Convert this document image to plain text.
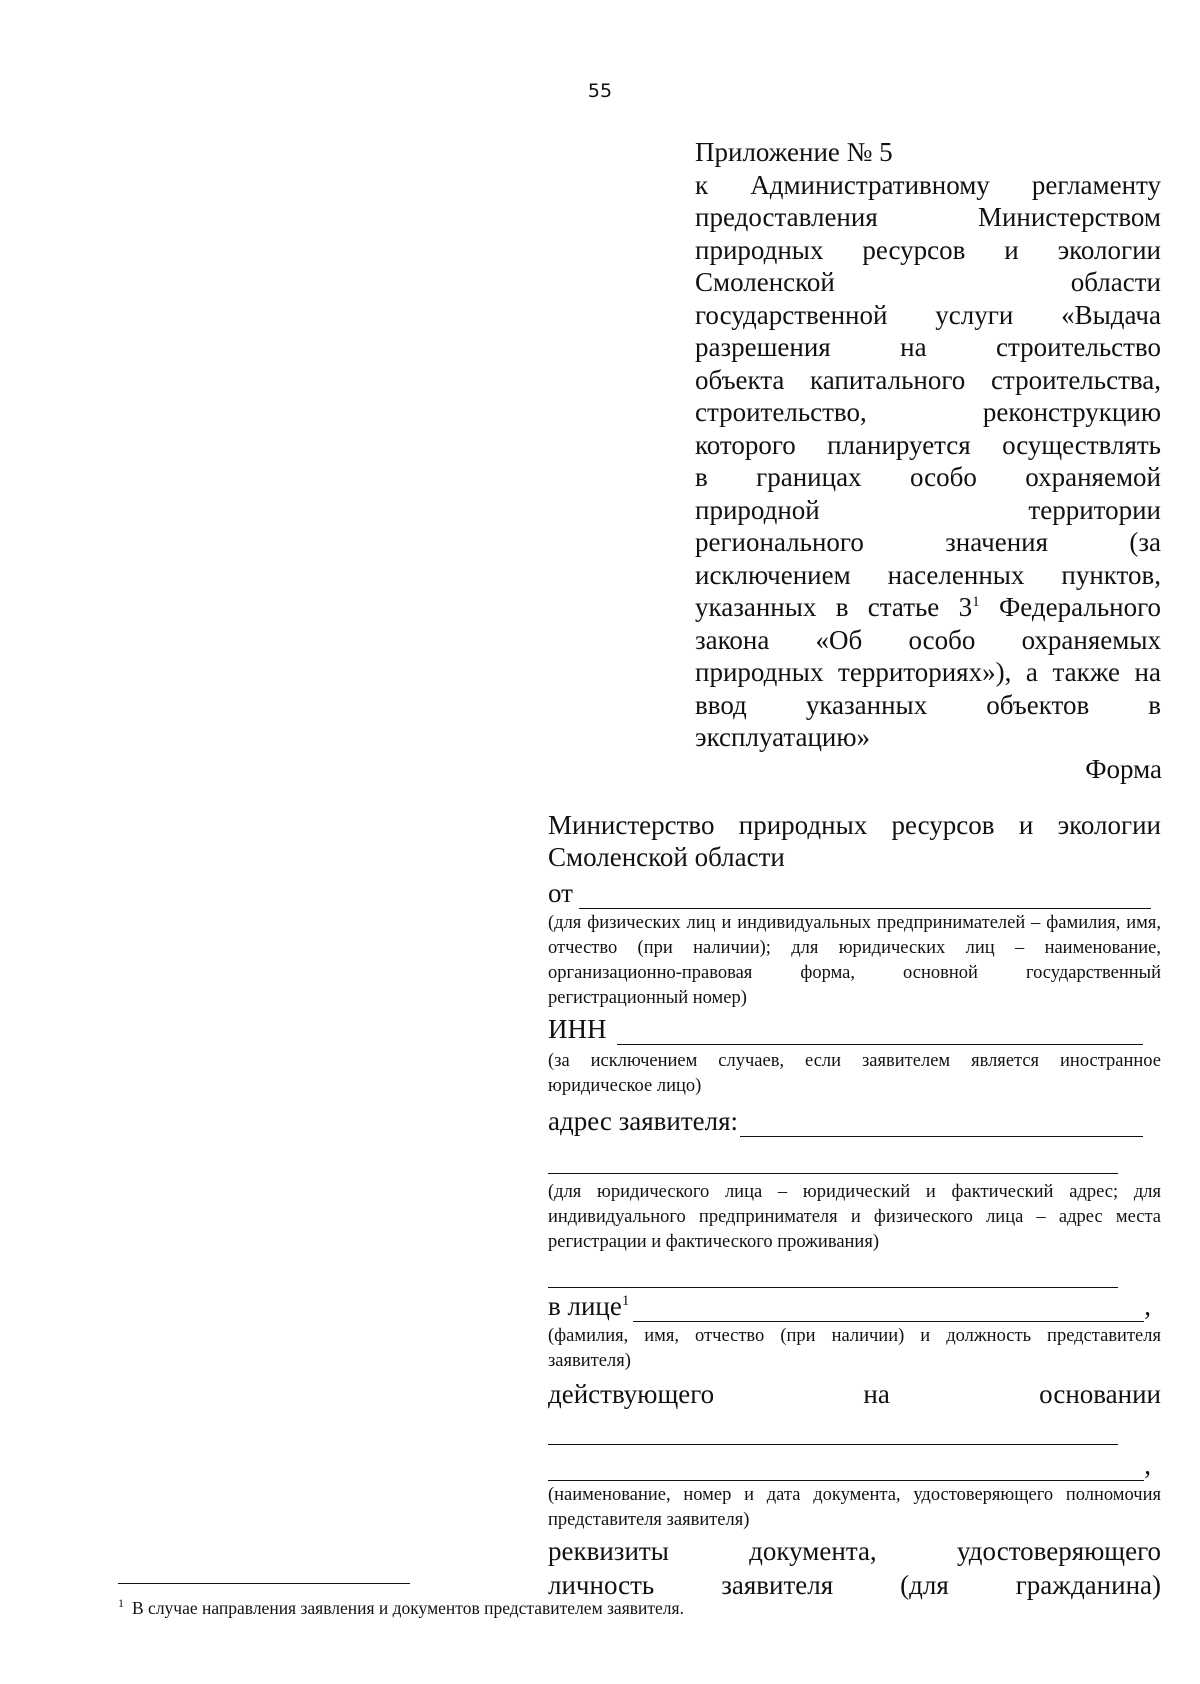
55
Приложение № 5
к Административному регламенту
предоставления Министерством
природных ресурсов и экологии
Смоленской области
государственной услуги «Выдача
разрешения на строительство
объекта капитального строительства,
строительство, реконструкцию
которого планируется осуществлять
в границах особо охраняемой
природной территории
регионального значения (за
исключением населенных пунктов,
указанных в статье $3^1$ Федерального
закона «Об особо охраняемых
природных территориях»), а также на
ввод указанных объектов в
эксплуатацию»
Форма
Министерство природных ресурсов и экологии
Смоленской области
от
(для физических лиц и индивидуальных предпринимателей – фамилия, имя, отчество (при наличии); для юридических лиц – наименование, организационно-правовая форма, основной государственный регистрационный номер)
ИНН
(за исключением случаев, если заявителем является иностранное юридическое лицо)
адрес заявителя:
(для юридического лица – юридический и фактический адрес; для индивидуального предпринимателя и физического лица – адрес места регистрации и фактического проживания)
в лице$^1$	,
(фамилия, имя, отчество (при наличии) и должность представителя заявителя)
действующего на основании
,
(наименование, номер и дата документа, удостоверяющего полномочия представителя заявителя)
реквизиты документа, удостоверяющего
личность заявителя (для гражданина)
$^1$ В случае направления заявления и документов представителем заявителя.
